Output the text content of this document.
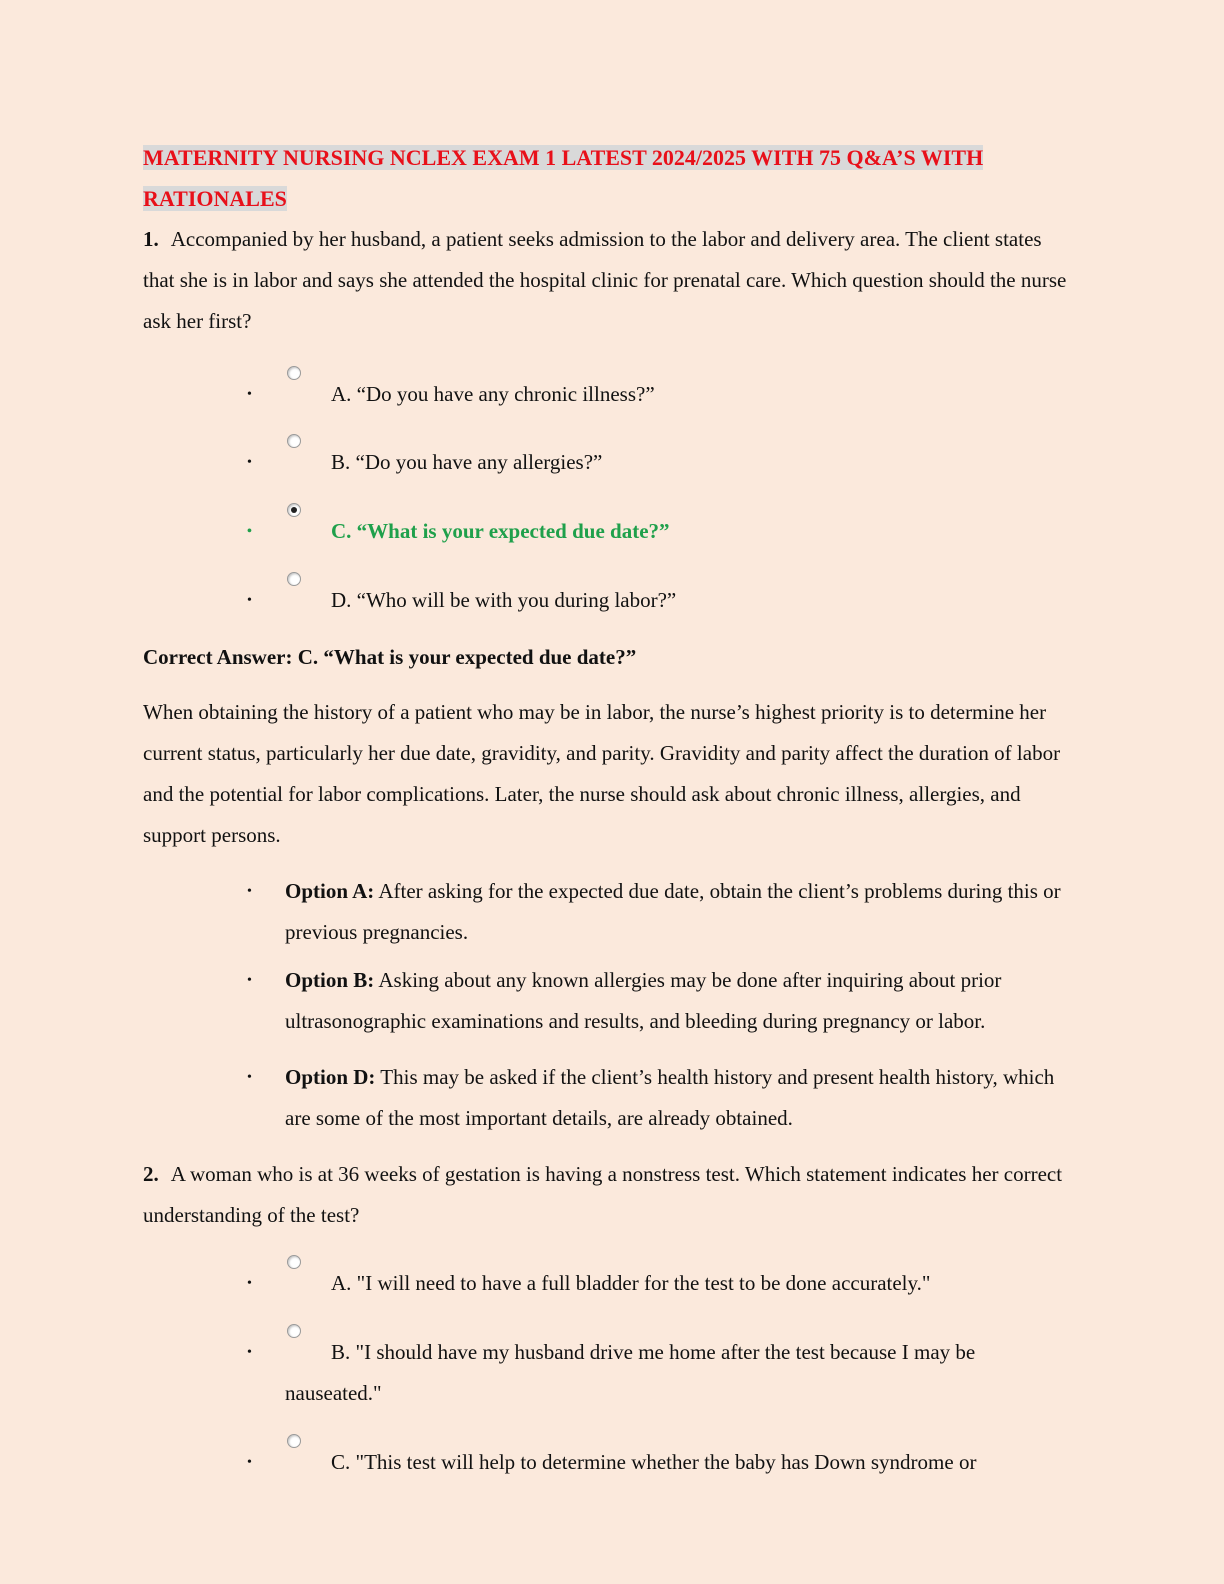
MATERNITY NURSING NCLEX EXAM 1 LATEST 2024/2025 WITH 75 Q&A’S WITH
RATIONALES

1. Accompanied by her husband, a patient seeks admission to the labor and delivery area. The client states that she is in labor and says she attended the hospital clinic for prenatal care. Which question should the nurse ask her first?

•	A. “Do you have any chronic illness?”
•	B. “Do you have any allergies?”
•	C. “What is your expected due date?”
•	D. “Who will be with you during labor?”

Correct Answer: C. “What is your expected due date?”

When obtaining the history of a patient who may be in labor, the nurse’s highest priority is to determine her current status, particularly her due date, gravidity, and parity. Gravidity and parity affect the duration of labor and the potential for labor complications. Later, the nurse should ask about chronic illness, allergies, and support persons.

• Option A: After asking for the expected due date, obtain the client’s problems during this or previous pregnancies.
• Option B: Asking about any known allergies may be done after inquiring about prior ultrasonographic examinations and results, and bleeding during pregnancy or labor.
• Option D: This may be asked if the client’s health history and present health history, which are some of the most important details, are already obtained.

2. A woman who is at 36 weeks of gestation is having a nonstress test. Which statement indicates her correct understanding of the test?

•	A. "I will need to have a full bladder for the test to be done accurately."
•	B. "I should have my husband drive me home after the test because I may be nauseated."
•	C. "This test will help to determine whether the baby has Down syndrome or
